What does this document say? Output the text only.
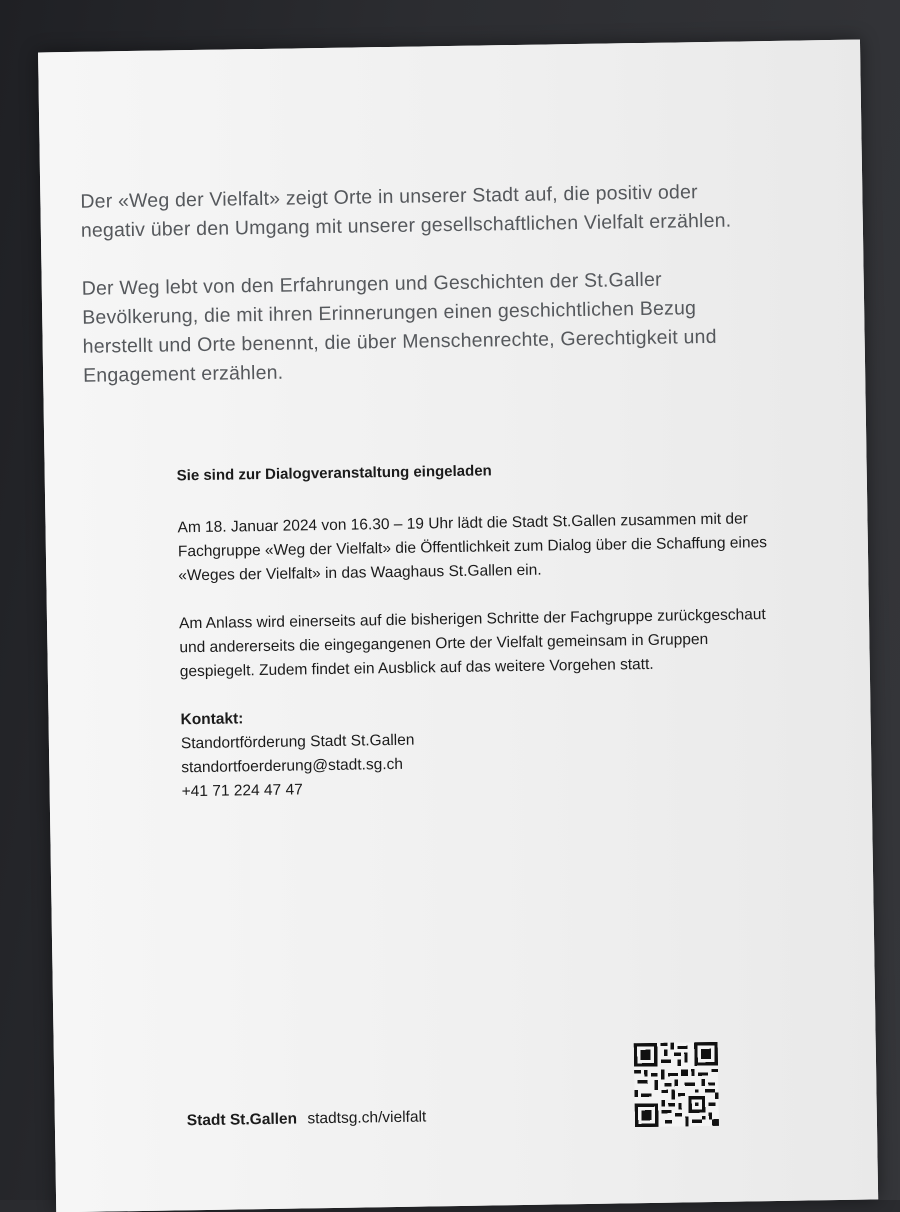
Der «Weg der Vielfalt» zeigt Orte in unserer Stadt auf, die positiv oder negativ über den Umgang mit unserer gesellschaftlichen Vielfalt erzählen.

Der Weg lebt von den Erfahrungen und Geschichten der St.Galler Bevölkerung, die mit ihren Erinnerungen einen geschichtlichen Bezug herstellt und Orte benennt, die über Menschenrechte, Gerechtigkeit und Engagement erzählen.

Sie sind zur Dialogveranstaltung eingeladen

Am 18. Januar 2024 von 16.30 – 19 Uhr lädt die Stadt St.Gallen zusammen mit der Fachgruppe «Weg der Vielfalt» die Öffentlichkeit zum Dialog über die Schaffung eines «Weges der Vielfalt» in das Waaghaus St.Gallen ein.

Am Anlass wird einerseits auf die bisherigen Schritte der Fachgruppe zurückgeschaut und andererseits die eingegangenen Orte der Vielfalt gemeinsam in Gruppen gespiegelt. Zudem findet ein Ausblick auf das weitere Vorgehen statt.

Kontakt:
Standortförderung Stadt St.Gallen
standortfoerderung@stadt.sg.ch
+41 71 224 47 47
Stadt St.Gallen stadtsg.ch/vielfalt
